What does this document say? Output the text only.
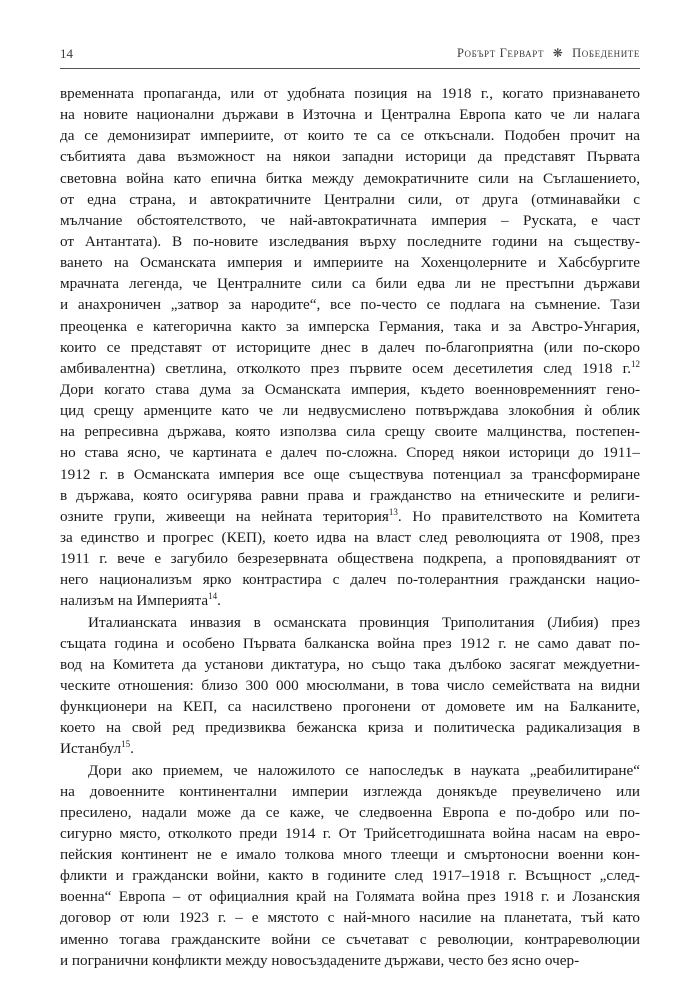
14	Робърт Герварт ❋ Победените
временната пропаганда, или от удобната позиция на 1918 г., когато признаването
на новите национални държави в Източна и Централна Европа като че ли налага
да се демонизират империите, от които те са се откъснали. Подобен прочит на
събитията дава възможност на някои западни историци да представят Първата
световна война като епична битка между демократичните сили на Съглашението,
от една страна, и автократичните Централни сили, от друга (отминавайки с
мълчание обстоятелството, че най-автократичната империя – Руската, е част
от Антантата). В по-новите изследвания върху последните години на съществу-
ването на Османската империя и империите на Хохенцолерните и Хабсбургите
мрачната легенда, че Централните сили са били едва ли не престъпни държави
и анахроничен „затвор за народите“, все по-често се подлага на съмнение. Тази
преоценка е категорична както за имперска Германия, така и за Австро-Унгария,
които се представят от историците днес в далеч по-благоприятна (или по-скоро
амбивалентна) светлина, отколкото през първите осем десетилетия след 1918 г.$^{12}$
Дори когато става дума за Османската империя, където военновременният гено-
цид срещу арменците като че ли недвусмислено потвърждава злокобния ѝ облик
на репресивна държава, която използва сила срещу своите малцинства, постепен-
но става ясно, че картината е далеч по-сложна. Според някои историци до 1911–
1912 г. в Османската империя все още съществува потенциал за трансформиране
в държава, която осигурява равни права и гражданство на етническите и религи-
озните групи, живеещи на нейната територия$^{13}$. Но правителството на Комитета
за единство и прогрес (КЕП), което идва на власт след революцията от 1908, през
1911 г. вече е загубило безрезервната обществена подкрепа, а проповядваният от
него национализъм ярко контрастира с далеч по-толерантния граждански нацио-
нализъм на Империята$^{14}$.
Италианската инвазия в османската провинция Триполитания (Либия) през
същата година и особено Първата балканска война през 1912 г. не само дават по-
вод на Комитета да установи диктатура, но също така дълбоко засягат междуетни-
ческите отношения: близо 300 000 мюсюлмани, в това число семействата на видни
функционери на КЕП, са насилствено прогонени от домовете им на Балканите,
което на свой ред предизвиква бежанска криза и политическа радикализация в
Истанбул$^{15}$.
Дори ако приемем, че наложилото се напоследък в науката „реабилитиране“
на довоенните континентални империи изглежда донякъде преувеличено или
пресилено, надали може да се каже, че следвоенна Европа е по-добро или по-
сигурно място, отколкото преди 1914 г. От Трийсетгодишната война насам на евро-
пейския континент не е имало толкова много тлеещи и смъртоносни военни кон-
фликти и граждански войни, както в годините след 1917–1918 г. Всъщност „след-
военна“ Европа – от официалния край на Голямата война през 1918 г. и Лозанския
договор от юли 1923 г. – е мястото с най-много насилие на планетата, тъй като
именно тогава гражданските войни се съчетават с революции, контрареволюции
и погранични конфликти между новосъздадените държави, често без ясно очер-
